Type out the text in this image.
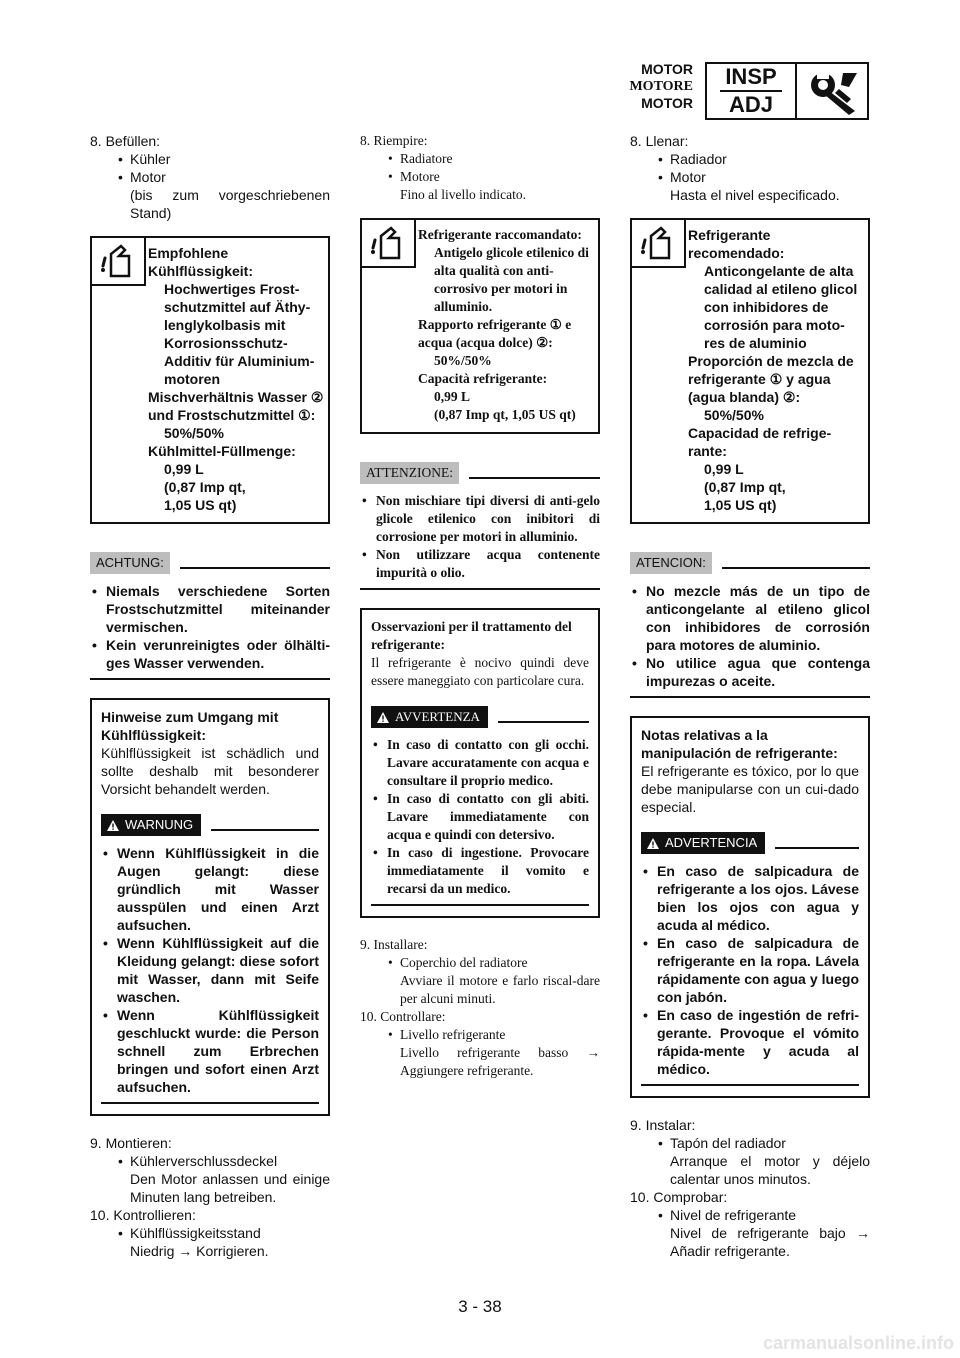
MOTOR
MOTORE
MOTOR
INSP
ADJ
8. Befüllen:
• Kühler
• Motor
(bis zum vorgeschriebenen Stand)
Empfohlene Kühlflüssigkeit:
Hochwertiges Frost-schutzmittel auf Äthy-lenglykolbasis mit Korrosionsschutz-Additiv für Aluminium-motoren
Mischverhältnis Wasser ② und Frostschutzmittel ①:
50%/50%
Kühlmittel-Füllmenge:
0,99 L
(0,87 Imp qt,
1,05 US qt)
ACHTUNG:
• Niemals verschiedene Sorten Frostschutzmittel miteinander vermischen.
• Kein verunreinigtes oder ölhälti-ges Wasser verwenden.
Hinweise zum Umgang mit Kühlflüssigkeit:
Kühlflüssigkeit ist schädlich und sollte deshalb mit besonderer Vorsicht behandelt werden.
WARNUNG
• Wenn Kühlflüssigkeit in die Augen gelangt: diese gründlich mit Wasser ausspülen und einen Arzt aufsuchen.
• Wenn Kühlflüssigkeit auf die Kleidung gelangt: diese sofort mit Wasser, dann mit Seife waschen.
• Wenn Kühlflüssigkeit geschluckt wurde: die Person schnell zum Erbrechen bringen und sofort einen Arzt aufsuchen.
9. Montieren:
• Kühlerverschlussdeckel
Den Motor anlassen und einige Minuten lang betreiben.
10. Kontrollieren:
• Kühlflüssigkeitsstand
Niedrig → Korrigieren.
8. Riempire:
• Radiatore
• Motore
Fino al livello indicato.
Refrigerante raccomandato:
Antigelo glicole etilenico di alta qualità con anti-corrosivo per motori in alluminio.
Rapporto refrigerante ① e acqua (acqua dolce) ②:
50%/50%
Capacità refrigerante:
0,99 L
(0,87 Imp qt, 1,05 US qt)
ATTENZIONE:
• Non mischiare tipi diversi di anti-gelo glicole etilenico con inibitori di corrosione per motori in alluminio.
• Non utilizzare acqua contenente impurità o olio.
Osservazioni per il trattamento del refrigerante:
Il refrigerante è nocivo quindi deve essere maneggiato con particolare cura.
AVVERTENZA
• In caso di contatto con gli occhi. Lavare accuratamente con acqua e consultare il proprio medico.
• In caso di contatto con gli abiti. Lavare immediatamente con acqua e quindi con detersivo.
• In caso di ingestione. Provocare immediatamente il vomito e recarsi da un medico.
9. Installare:
• Coperchio del radiatore
Avviare il motore e farlo riscal-dare per alcuni minuti.
10. Controllare:
• Livello refrigerante
Livello refrigerante basso → Aggiungere refrigerante.
8. Llenar:
• Radiador
• Motor
Hasta el nivel especificado.
Refrigerante recomendado:
Anticongelante de alta calidad al etileno glicol con inhibidores de corrosión para moto-res de aluminio
Proporción de mezcla de refrigerante ① y agua (agua blanda) ②:
50%/50%
Capacidad de refrige-rante:
0,99 L
(0,87 Imp qt,
1,05 US qt)
ATENCION:
• No mezcle más de un tipo de anticongelante al etileno glicol con inhibidores de corrosión para motores de aluminio.
• No utilice agua que contenga impurezas o aceite.
Notas relativas a la manipulación de refrigerante:
El refrigerante es tóxico, por lo que debe manipularse con un cui-dado especial.
ADVERTENCIA
• En caso de salpicadura de refrigerante a los ojos. Lávese bien los ojos con agua y acuda al médico.
• En caso de salpicadura de refrigerante en la ropa. Lávela rápidamente con agua y luego con jabón.
• En caso de ingestión de refri-gerante. Provoque el vómito rápida-mente y acuda al médico.
9. Instalar:
• Tapón del radiador
Arranque el motor y déjelo calentar unos minutos.
10. Comprobar:
• Nivel de refrigerante
Nivel de refrigerante bajo → Añadir refrigerante.
3 - 38
carmanualsonline.info
